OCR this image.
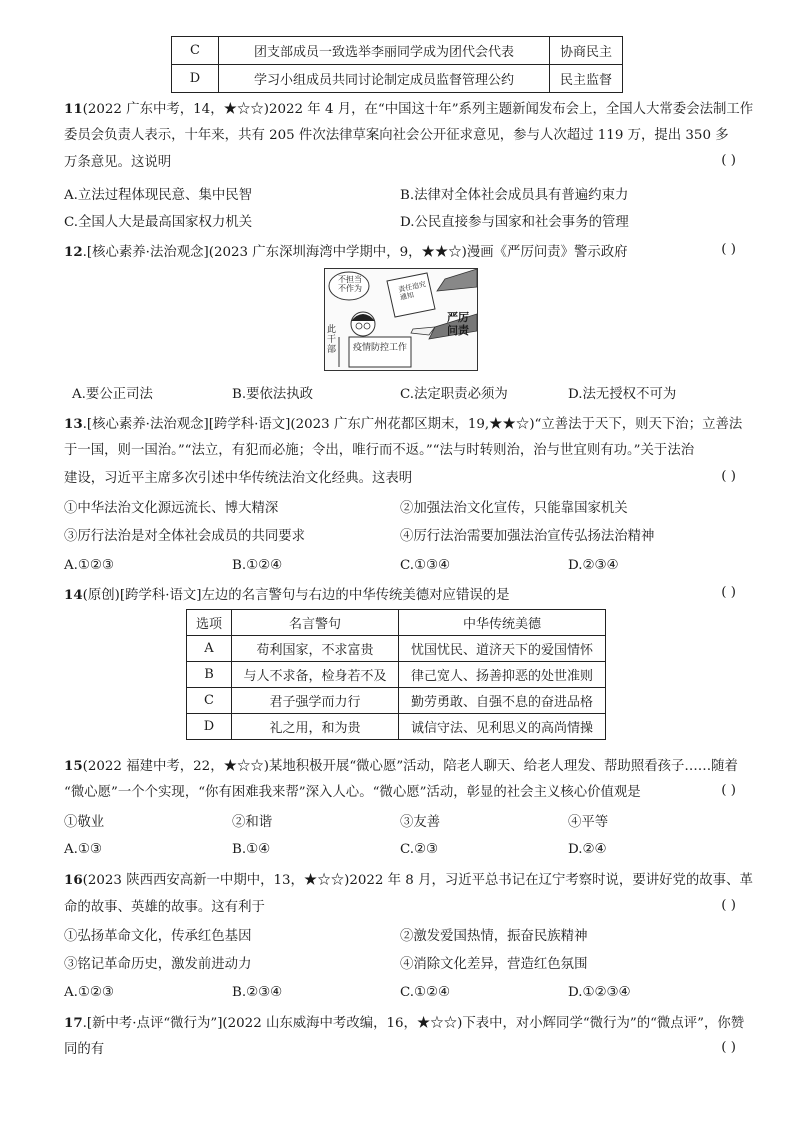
C	团支部成员一致选举李丽同学成为团代会代表	协商民主
D	学习小组成员共同讨论制定成员监督管理公约	民主监督
11(2022 广东中考，14，★☆☆)2022 年 4 月，在“中国这十年”系列主题新闻发布会上，全国人大常委会法制工作
委员会负责人表示，十年来，共有 205 件次法律草案向社会公开征求意见，参与人次超过 119 万，提出 350 多
万条意见。这说明	( )
A.立法过程体现民意、集中民智	B.法律对全体社会成员具有普遍约束力
C.全国人大是最高国家权力机关	D.公民直接参与国家和社会事务的管理
12.[核心素养·法治观念](2023 广东深圳海湾中学期中，9，★★☆)漫画《严厉问责》警示政府	( )
不担当不作为	责任追究通知
严厉问责
此干部 疫情防控工作
A.要公正司法	B.要依法执政	C.法定职责必须为	D.法无授权不可为
13.[核心素养·法治观念][跨学科·语文](2023 广东广州花都区期末，19,★★☆)“立善法于天下，则天下治；立善法
于一国，则一国治。”“法立，有犯而必施；令出，唯行而不返。”“法与时转则治，治与世宜则有功。”关于法治
建设，习近平主席多次引述中华传统法治文化经典。这表明	( )
①中华法治文化源远流长、博大精深	②加强法治文化宣传，只能靠国家机关
③厉行法治是对全体社会成员的共同要求	④厉行法治需要加强法治宣传弘扬法治精神
A.①②③	B.①②④	C.①③④	D.②③④
14(原创)[跨学科·语文]左边的名言警句与右边的中华传统美德对应错误的是	( )
选项	名言警句	中华传统美德
A	苟利国家，不求富贵	忧国忧民、道济天下的爱国情怀
B	与人不求备，检身若不及	律己宽人、扬善抑恶的处世准则
C	君子强学而力行	勤劳勇敢、自强不息的奋进品格
D	礼之用，和为贵	诚信守法、见利思义的高尚情操
15(2022 福建中考，22，★☆☆)某地积极开展“微心愿”活动，陪老人聊天、给老人理发、帮助照看孩子……随着
“微心愿”一个个实现，“你有困难我来帮”深入人心。“微心愿”活动，彰显的社会主义核心价值观是	( )
①敬业	②和谐	③友善	④平等
A.①③	B.①④	C.②③	D.②④
16(2023 陕西西安高新一中期中，13，★☆☆)2022 年 8 月，习近平总书记在辽宁考察时说，要讲好党的故事、革
命的故事、英雄的故事。这有利于	( )
①弘扬革命文化，传承红色基因	②激发爱国热情，振奋民族精神
③铭记革命历史，激发前进动力	④消除文化差异，营造红色氛围
A.①②③	B.②③④	C.①②④	D.①②③④
17.[新中考·点评“微行为”](2022 山东威海中考改编，16，★☆☆)下表中，对小辉同学“微行为”的“微点评”，你赞
同的有	( )
